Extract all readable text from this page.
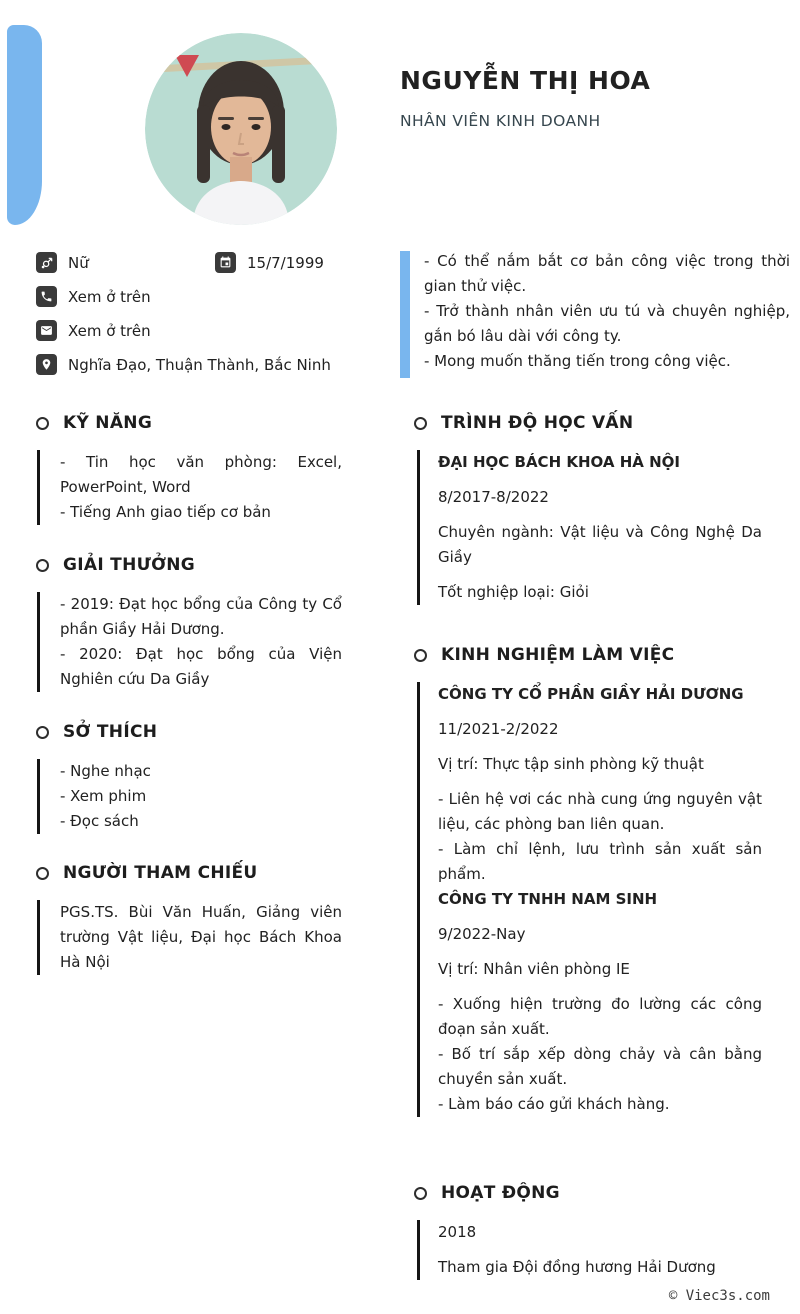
NGUYỄN THỊ HOA
NHÂN VIÊN KINH DOANH
Nữ	15/7/1999
Xem ở trên
Xem ở trên
Nghĩa Đạo, Thuận Thành, Bắc Ninh
- Có thể nắm bắt cơ bản công việc trong thời gian thử việc.
- Trở thành nhân viên ưu tú và chuyên nghiệp, gắn bó lâu dài với công ty.
- Mong muốn thăng tiến trong công việc.
KỸ NĂNG

- Tin học văn phòng: Excel, PowerPoint, Word

- Tiếng Anh giao tiếp cơ bản

GIẢI THƯỞNG

- 2019: Đạt học bổng của Công ty Cổ phần Giầy Hải Dương.

- 2020: Đạt học bổng của Viện Nghiên cứu Da Giầy

SỞ THÍCH

- Nghe nhạc

- Xem phim

- Đọc sách

NGƯỜI THAM CHIẾU

PGS.TS. Bùi Văn Huấn, Giảng viên trường Vật liệu, Đại học Bách Khoa Hà Nội

TRÌNH ĐỘ HỌC VẤN

ĐẠI HỌC BÁCH KHOA HÀ NỘI

8/2017-8/2022

Chuyên ngành: Vật liệu và Công Nghệ Da Giầy

Tốt nghiệp loại: Giỏi

KINH NGHIỆM LÀM VIỆC

CÔNG TY CỔ PHẦN GIẦY HẢI DƯƠNG

11/2021-2/2022

Vị trí: Thực tập sinh phòng kỹ thuật

- Liên hệ vơi các nhà cung ứng nguyên vật liệu, các phòng ban liên quan.

- Làm chỉ lệnh, lưu trình sản xuất sản phẩm.

CÔNG TY TNHH NAM SINH

9/2022-Nay

Vị trí: Nhân viên phòng IE

- Xuống hiện trường đo lường các công đoạn sản xuất.

- Bố trí sắp xếp dòng chảy và cân bằng chuyền sản xuất.

- Làm báo cáo gửi khách hàng.

HOẠT ĐỘNG

2018

Tham gia Đội đồng hương Hải Dương

© Viec3s.com
